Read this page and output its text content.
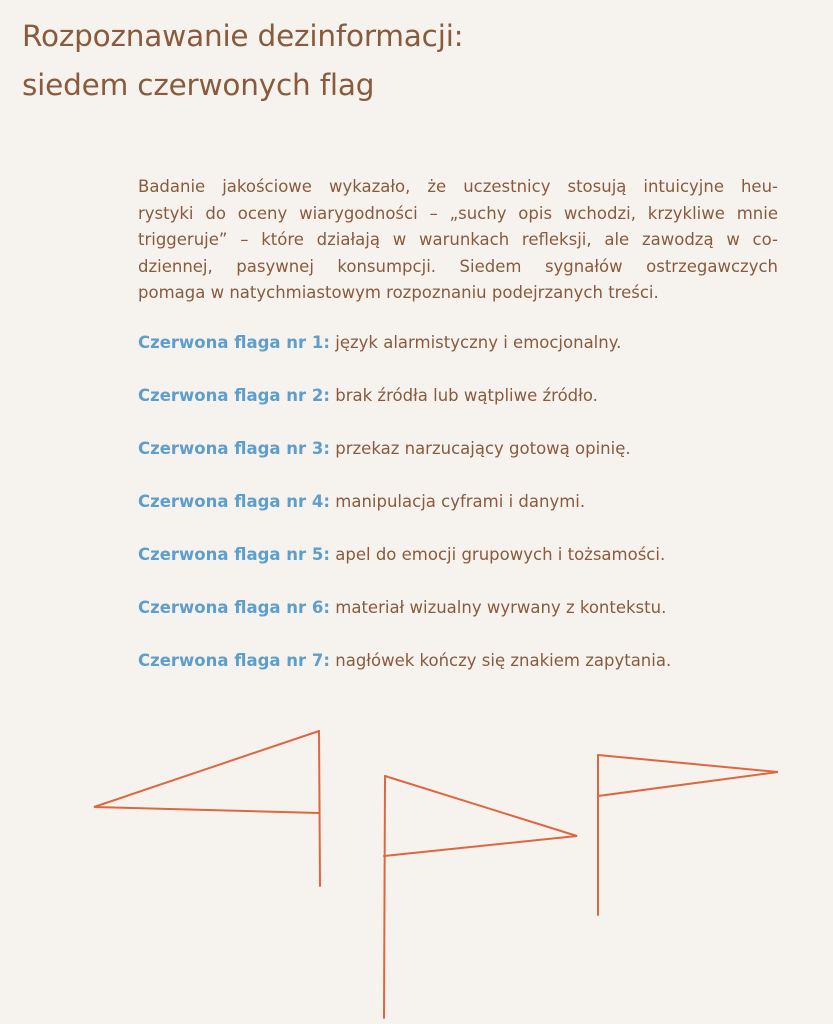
Rozpoznawanie dezinformacji:
siedem czerwonych flag

Badanie jakościowe wykazało, że uczestnicy stosują intuicyjne heu-
rystyki do oceny wiarygodności – „suchy opis wchodzi, krzykliwe mnie
triggeruje” – które działają w warunkach refleksji, ale zawodzą w co-
dziennej, pasywnej konsumpcji. Siedem sygnałów ostrzegawczych
pomaga w natychmiastowym rozpoznaniu podejrzanych treści.

Czerwona flaga nr 1: język alarmistyczny i emocjonalny.
Czerwona flaga nr 2: brak źródła lub wątpliwe źródło.
Czerwona flaga nr 3: przekaz narzucający gotową opinię.
Czerwona flaga nr 4: manipulacja cyframi i danymi.
Czerwona flaga nr 5: apel do emocji grupowych i tożsamości.
Czerwona flaga nr 6: materiał wizualny wyrwany z kontekstu.
Czerwona flaga nr 7: nagłówek kończy się znakiem zapytania.
